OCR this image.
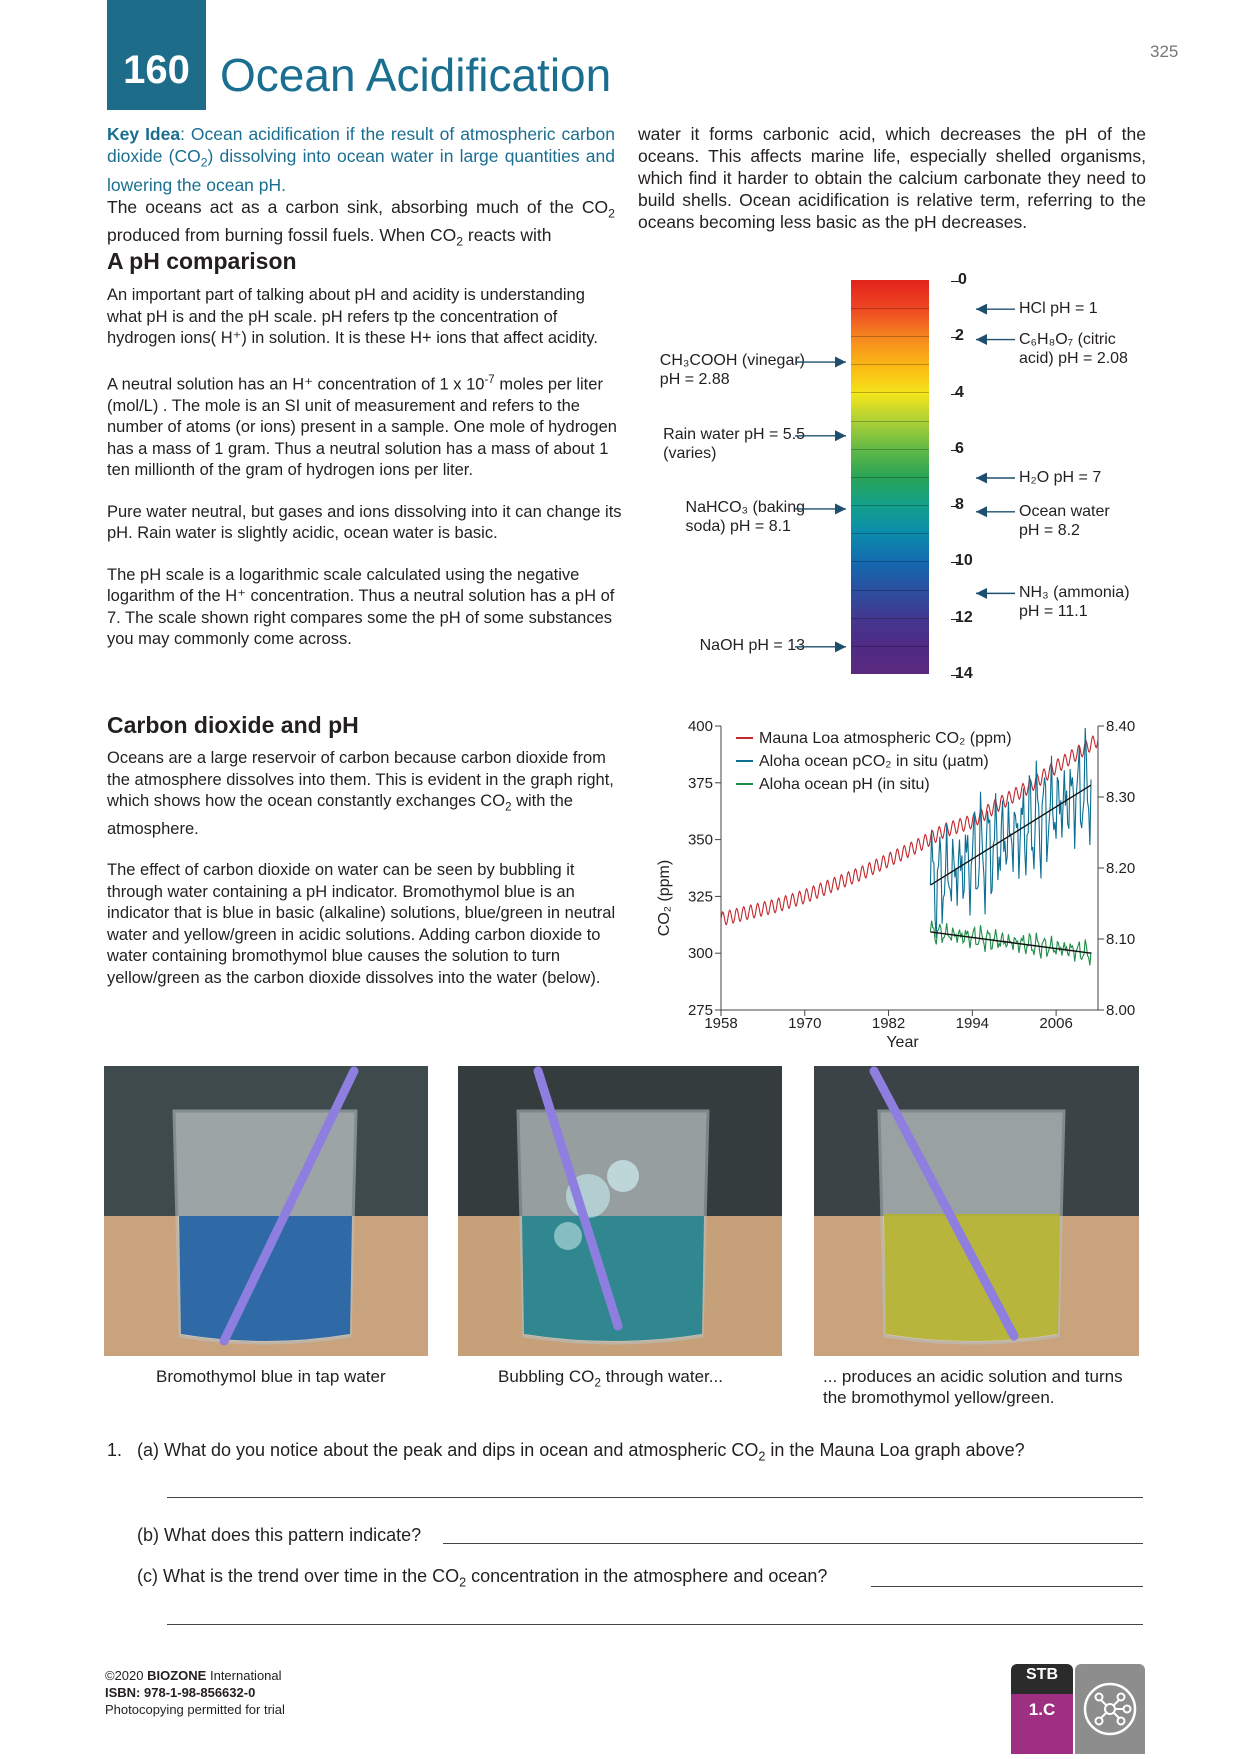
160 Ocean Acidification	325

Key Idea: Ocean acidification if the result of atmospheric carbon dioxide $(CO_2)$ dissolving into ocean water in large quantities and lowering the ocean pH.

The oceans act as a carbon sink, absorbing much of the $CO_2$ produced from burning fossil fuels. When $CO_2$ reacts with

water it forms carbonic acid, which decreases the pH of the oceans. This affects marine life, especially shelled organisms, which find it harder to obtain the calcium carbonate they need to build shells. Ocean acidification is relative term, referring to the oceans becoming less basic as the pH decreases.
A pH comparison

An important part of talking about pH and acidity is understanding what pH is and the pH scale. pH refers tp the concentration of hydrogen ions( H⁺) in solution. It is these H+ ions that affect acidity.

A neutral solution has an H⁺ concentration of 1 x $10^{-7}$ moles per liter (mol/L) . The mole is an SI unit of measurement and refers to the number of atoms (or ions) present in a sample. One mole of hydrogen has a mass of 1 gram. Thus a neutral solution has a mass of about 1 ten millionth of the gram of hydrogen ions per liter.

Pure water neutral, but gases and ions dissolving into it can change its pH. Rain water is slightly acidic, ocean water is basic.

The pH scale is a logarithmic scale calculated using the negative logarithm of the H⁺ concentration. Thus a neutral solution has a pH of 7. The scale shown right compares some the pH of some substances you may commonly come across.

0
2
4
6
8
10
12
14
CH₃COOH (vinegar)
pH = 2.88
Rain water pH = 5.5
(varies)
NaHCO₃ (baking
soda) pH = 8.1
NaOH pH = 13
HCl pH = 1
C₆H₈O₇ (citric
acid) pH = 2.08
H₂O pH = 7
Ocean water
pH = 8.2
NH₃ (ammonia)
pH = 11.1
Carbon dioxide and pH

Oceans are a large reservoir of carbon because carbon dioxide from the atmosphere dissolves into them. This is evident in the graph right, which shows how the ocean constantly exchanges $CO_2$ with the atmosphere.

The effect of carbon dioxide on water can be seen by bubbling it through water containing a pH indicator. Bromothymol blue is an indicator that is blue in basic (alkaline) solutions, blue/green in neutral water and yellow/green in acidic solutions. Adding carbon dioxide to water containing bromothymol blue causes the solution to turn yellow/green as the carbon dioxide dissolves into the water (below).

400
375
350
325
300
275
8.40
8.30
8.20
8.10
8.00
1958	1970	1982	1994	2006
Year
CO₂ (ppm)
Mauna Loa atmospheric CO₂ (ppm)
Aloha ocean pCO₂ in situ (μatm)
Aloha ocean pH (in situ)
Bromothymol blue in tap water	Bubbling $CO_2$ through water...	... produces an acidic solution and turns
the bromothymol yellow/green.
1. (a) What do you notice about the peak and dips in ocean and atmospheric $CO_2$ in the Mauna Loa graph above?
(b) What does this pattern indicate?
(c) What is the trend over time in the $CO_2$ concentration in the atmosphere and ocean?
©2020 BIOZONE International
ISBN: 978-1-98-856632-0
Photocopying permitted for trial
STB
1.C
